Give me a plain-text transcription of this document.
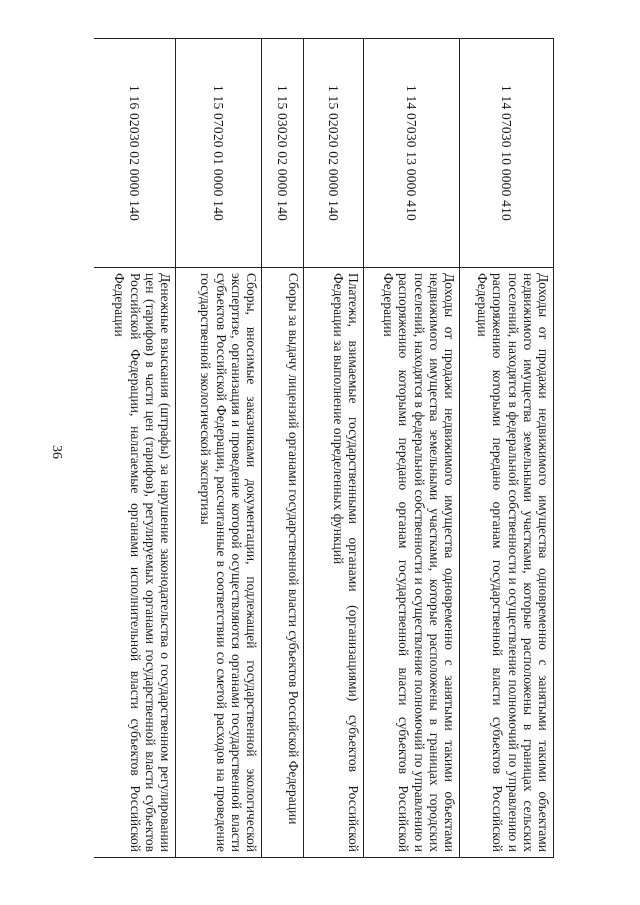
36
1 14 07030 10 0000 410	Доходы от продажи недвижимого имущества одновременно с занятыми такими объектами недвижимого имущества земельными участками, которые расположены в границах сельских поселений, находятся в федеральной собственности и осуществление полномочий по управлению и распоряжению которыми передано органам государственной власти субъектов Российской Федерации
1 14 07030 13 0000 410	Доходы от продажи недвижимого имущества одновременно с занятыми такими объектами недвижимого имущества земельными участками, которые расположены в границах городских поселений, находятся в федеральной собственности и осуществление полномочий по управлению и распоряжению которыми передано органам государственной власти субъектов Российской Федерации
1 15 02020 02 0000 140	Платежи, взимаемые государственными органами (организациями) субъектов Российской Федерации за выполнение определенных функций
1 15 03020 02 0000 140	Сборы за выдачу лицензий органами государственной власти субъектов Российской Федерации
1 15 07020 01 0000 140	Сборы, вносимые заказчиками документации, подлежащей государственной экологической экспертизе, организация и проведение которой осуществляются органами государственной власти субъектов Российской Федерации, рассчитанные в соответствии со сметой расходов на проведение государственной экологической экспертизы
1 16 02030 02 0000 140	Денежные взыскания (штрафы) за нарушение законодательства о государственном регулировании цен (тарифов) в части цен (тарифов), регулируемых органами государственной власти субъектов Российской Федерации, налагаемые органами исполнительной власти субъектов Российской Федерации
